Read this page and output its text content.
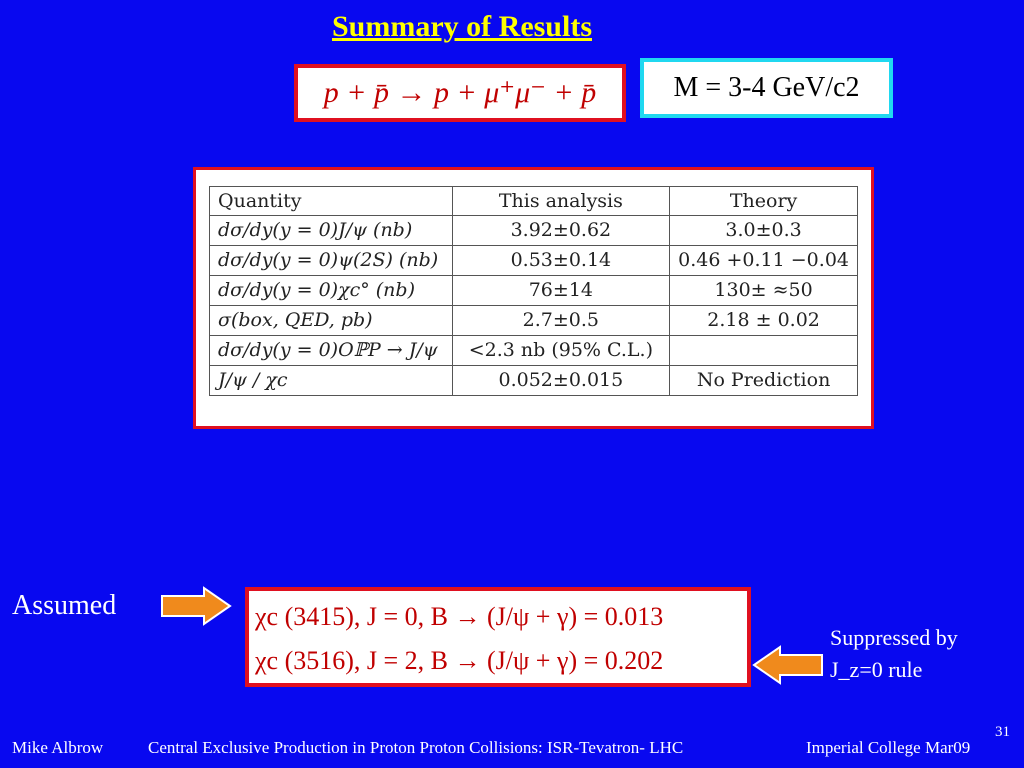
Summary of Results
p + p̄ → p + μ⁺μ⁻ + p̄	M = 3-4 GeV/c2
Quantity	This analysis	Theory
dσ/dy(y = 0)J/ψ (nb)	3.92±0.62	3.0±0.3
dσ/dy(y = 0)ψ(2S) (nb)	0.53±0.14	0.46 +0.11 −0.04
dσ/dy(y = 0)χc° (nb)	76±14	130± ≈50
σ(box, QED, pb)	2.7±0.5	2.18 ± 0.02
dσ/dy(y = 0)OℙP → J/ψ	<2.3 nb (95% C.L.)	
J/ψ / χc	0.052±0.015	No Prediction
Assumed	χc (3415), J = 0, B → (J/ψ + γ) = 0.013
χc (3516), J = 2, B → (J/ψ + γ) = 0.202
Suppressed by
J_z=0 rule
31
Mike Albrow	Central Exclusive Production in Proton Proton Collisions: ISR-Tevatron- LHC	Imperial College Mar09
